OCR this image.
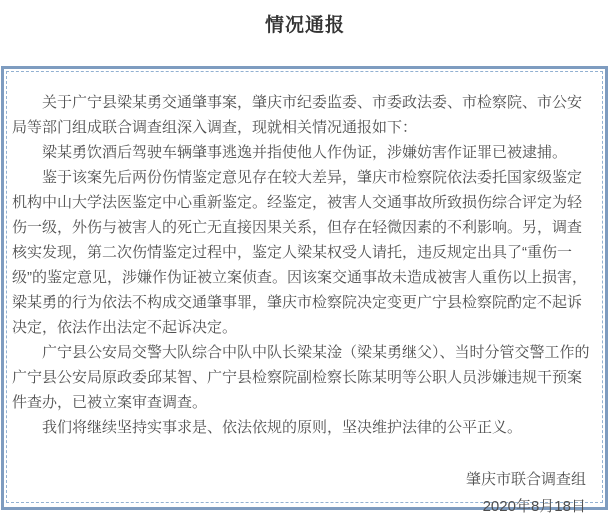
情况通报

关于广宁县梁某勇交通肇事案，肇庆市纪委监委、市委政法委、市检察院、市公安局等部门组成联合调查组深入调查，现就相关情况通报如下：

梁某勇饮酒后驾驶车辆肇事逃逸并指使他人作伪证，涉嫌妨害作证罪已被逮捕。

鉴于该案先后两份伤情鉴定意见存在较大差异，肇庆市检察院依法委托国家级鉴定机构中山大学法医鉴定中心重新鉴定。经鉴定，被害人交通事故所致损伤综合评定为轻伤一级，外伤与被害人的死亡无直接因果关系，但存在轻微因素的不利影响。另，调查核实发现，第二次伤情鉴定过程中，鉴定人梁某权受人请托，违反规定出具了“重伤一级”的鉴定意见，涉嫌作伪证被立案侦查。因该案交通事故未造成被害人重伤以上损害，梁某勇的行为依法不构成交通肇事罪，肇庆市检察院决定变更广宁县检察院酌定不起诉决定，依法作出法定不起诉决定。

广宁县公安局交警大队综合中队中队长梁某淦（梁某勇继父）、当时分管交警工作的广宁县公安局原政委邱某智、广宁县检察院副检察长陈某明等公职人员涉嫌违规干预案件查办，已被立案审查调查。

我们将继续坚持实事求是、依法依规的原则，坚决维护法律的公平正义。

肇庆市联合调查组
2020年8月18日
